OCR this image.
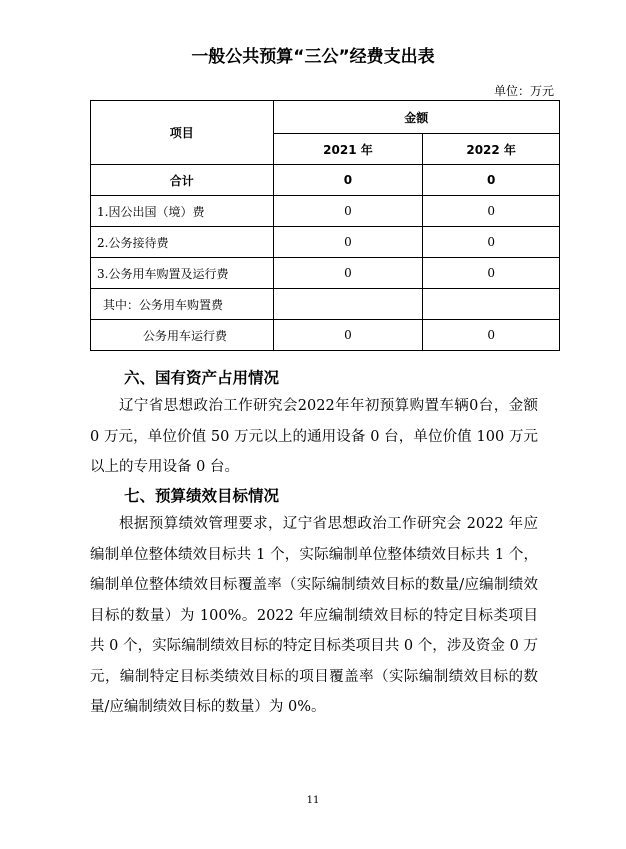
一般公共预算“三公”经费支出表
单位：万元
项目	金额	
	2021 年	2022 年
合计	0	0
1.因公出国（境）费	0	0
2.公务接待费	0	0
3.公务用车购置及运行费	0	0
其中：公务用车购置费		
公务用车运行费	0	0
六、国有资产占用情况

辽宁省思想政治工作研究会2022年年初预算购置车辆0台，金额 0 万元，单位价值 50 万元以上的通用设备 0 台，单位价值 100 万元以上的专用设备 0 台。

七、预算绩效目标情况

根据预算绩效管理要求，辽宁省思想政治工作研究会 2022 年应编制单位整体绩效目标共 1 个，实际编制单位整体绩效目标共 1 个，编制单位整体绩效目标覆盖率（实际编制绩效目标的数量/应编制绩效目标的数量）为 100%。2022 年应编制绩效目标的特定目标类项目共 0 个，实际编制绩效目标的特定目标类项目共 0 个，涉及资金 0 万元，编制特定目标类绩效目标的项目覆盖率（实际编制绩效目标的数量/应编制绩效目标的数量）为 0%。

11
